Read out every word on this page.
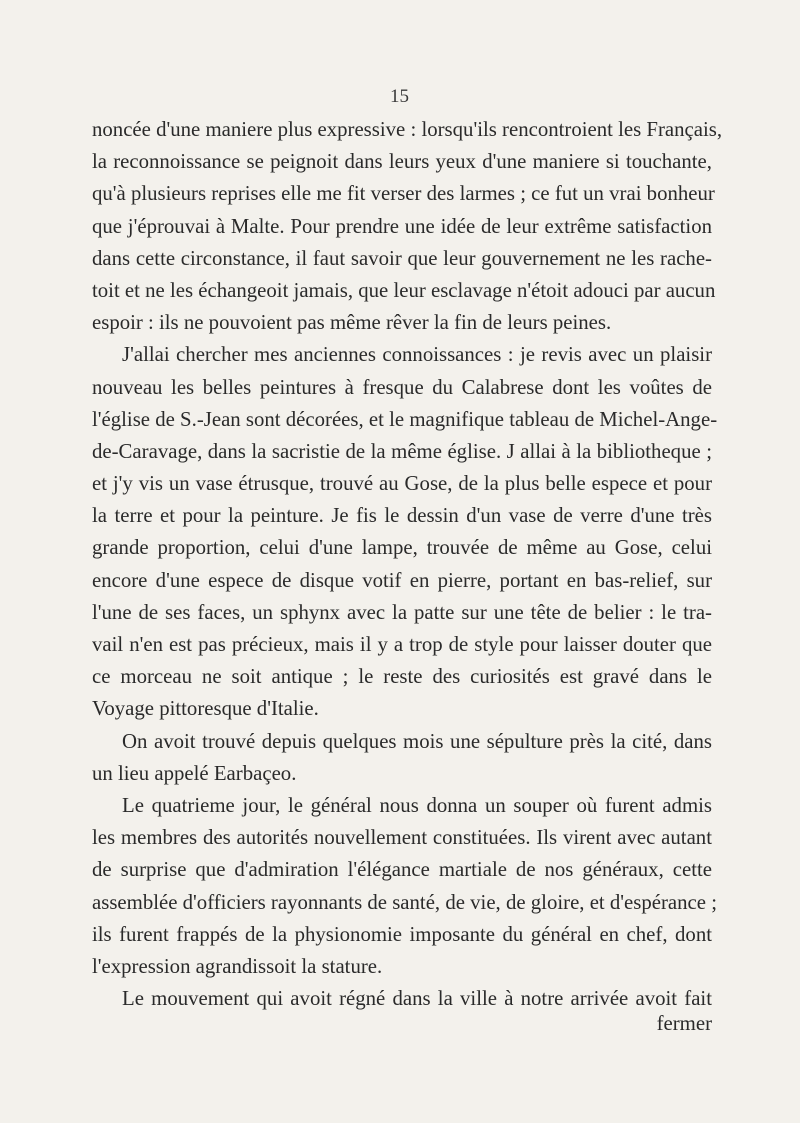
15
noncée d'une maniere plus expressive : lorsqu'ils rencontroient les Français,
la reconnoissance se peignoit dans leurs yeux d'une maniere si touchante,
qu'à plusieurs reprises elle me fit verser des larmes ; ce fut un vrai bonheur
que j'éprouvai à Malte. Pour prendre une idée de leur extrême satisfaction
dans cette circonstance, il faut savoir que leur gouvernement ne les rache-
toit et ne les échangeoit jamais, que leur esclavage n'étoit adouci par aucun
espoir : ils ne pouvoient pas même rêver la fin de leurs peines.
J'allai chercher mes anciennes connoissances : je revis avec un plaisir
nouveau les belles peintures à fresque du Calabrese dont les voûtes de
l'église de S.-Jean sont décorées, et le magnifique tableau de Michel-Ange-
de-Caravage, dans la sacristie de la même église. J allai à la bibliotheque ;
et j'y vis un vase étrusque, trouvé au Gose, de la plus belle espece et pour
la terre et pour la peinture. Je fis le dessin d'un vase de verre d'une très
grande proportion, celui d'une lampe, trouvée de même au Gose, celui
encore d'une espece de disque votif en pierre, portant en bas-relief, sur
l'une de ses faces, un sphynx avec la patte sur une tête de belier : le tra-
vail n'en est pas précieux, mais il y a trop de style pour laisser douter que
ce morceau ne soit antique ; le reste des curiosités est gravé dans le
Voyage pittoresque d'Italie.
On avoit trouvé depuis quelques mois une sépulture près la cité, dans
un lieu appelé Earbaçeo.
Le quatrieme jour, le général nous donna un souper où furent admis
les membres des autorités nouvellement constituées. Ils virent avec autant
de surprise que d'admiration l'élégance martiale de nos généraux, cette
assemblée d'officiers rayonnants de santé, de vie, de gloire, et d'espérance ;
ils furent frappés de la physionomie imposante du général en chef, dont
l'expression agrandissoit la stature.
Le mouvement qui avoit régné dans la ville à notre arrivée avoit fait
fermer
